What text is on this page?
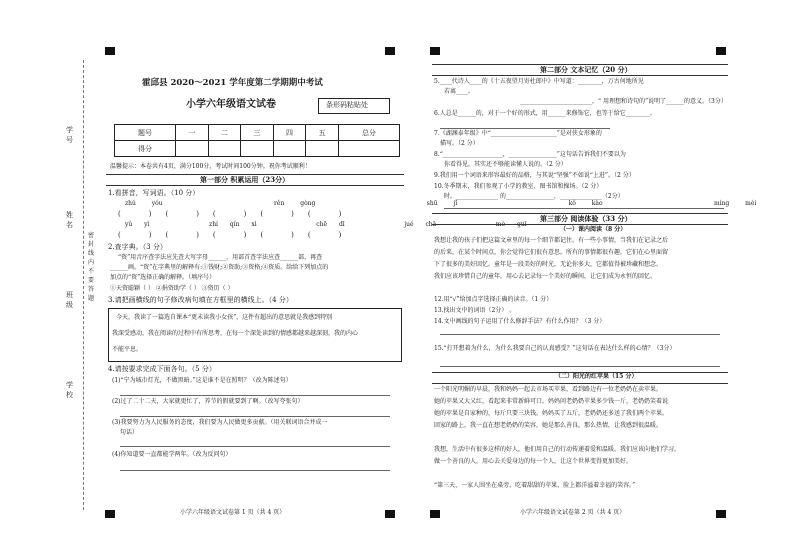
学号
姓名
班级
学校
密封线内不要答题
霍邱县 2020～2021 学年度第二学期期中考试
小学六年级语文试卷	条形码粘贴处
题号	一	二	三	四	五	总分
得分						
温馨提示：本卷共有4页，满分100分，考试时间100分钟。祝你考试顺利！
第一部分 积累运用（23分）
1.看拼音，写词语。（10 分）
zhǔ yóu	rěn gòng	shū jǐ	kǒ kào	míng méi
(　　　　)　　(　　　　)　　(　　　　)　　(　　　　)　　(　　　　)
yǔ yì	zhí qín xì	chē dī	jué chā	mò guī
(　　　　)　　(　　　　)　　(　　　　)　　(　　　　)　　(　　　　)
2.查字典。（3 分）
“资”用音序查字法应先查大写字母______，用部首查字法应查______部，再查
______画。“资”在字典里的解释有:①钱财;②资助;③资格;④资质。给给下列加点的
加点的“资”选择正确的解释。（填序号）
①天资聪颖（ ） ②捐资助学（ ） ③资历（ ）
3.请把画横线的句子修改病句填在方框里的横线上。（4 分）
今天，我读了一篇选自课本“更未读我小女孩”，这件有超出的意思就是我感到特别
我深受感动，我在阅读的过程中有所思考，在每一个深处读到的情感都越来越深刻，我的内心
不能平息。
4.请按要求完成下面各句。（5 分）
(1)“宁为城市灯光，不做黑暗。”这是谁不是在照明？（改为陈述句）
(2)过了二十二天，大家就更忙了，养节的假就要到了啊。（改写夸张句）
(3)我要努力为人民服务的态度，我们要为人民做更多贡献。（用关联词语合并成一
句话）
(4)你知道要一直都能学两年。（改为反问句）
小学六年级语文试卷第 1 页（共 4 页）
第二部分 文本记忆（20 分）
5.____代诗人____的《十五夜望月寄杜郎中》中写道：________，万古何地所见
若离____。
________________________，“ 用理想和诗句的”说明了______的意义。（3分）
6.人总是______的，对于一个好的形式，用______来修饰它，也等于给它________。
7.《湖渊泰年级》中“______________________”是对侠女形象的
描写。（2 分）
8.“____________________，________________”这句话告诉我们不要以为
你看得见，其实还不够能读懂人说的。（2 分）
9.我们用一个词语来形容最好的品格，与其说“坚强”不如说“上进”。（2 分）
10.冬季期末，我们参观了小学的教室、图书馆和操场。（2 分）
时，______________ 的________________，______________（2分）
第三部分 阅读体验（33 分）
（一）课内阅读（8 分）
我想让我的孩子们把这篇文章里的每一个细节都记住。有一些小事情，当我们在记录之后
的后来，在某个时间点，你会觉得它们很有意思。所有的事情都很有趣，它们在心里面留
下了很多的美好回忆。童年是一段美好的时光，无论你多大，它都值得被珍藏和想念。
我们应该珍惜自己的童年，用心去记录每一个美好的瞬间，让它们成为永恒的回忆。
12.用“√”给加点字选择正确的读音。（1 分）
13.找出文中的词语（2分） 。
14.文中画线的句子运用了什么修辞手法？有什么作用？（3 分）
15.“打开想着为什么，为什么我要自己的认真感受？”这句话在表达什么样的心情？（3分）
（二）阳光的红苹果（15 分）
一个阳光明媚的早晨，我和妈妈一起去市场买苹果，看到路边有一位老奶奶在卖苹果。
她的苹果又大又红，看起来非常新鲜可口。妈妈问老奶奶苹果多少钱一斤，老奶奶笑着说
她的苹果是自家种的，每斤只要三块钱。妈妈买了五斤，老奶奶还多送了我们两个苹果。
回家的路上，我一直在想老奶奶的笑容，她是那么善良，那么热情，让我感到很温暖。
我想，生活中有很多这样的好人，他们用自己的行动传递着爱和温暖。我们应该向他们学习。
做一个善良的人，用心去关爱身边的每一个人，让这个世界变得更加美好。
“第三天，一家人围坐在桌旁，吃着甜甜的苹果，脸上都洋溢着幸福的笑容。”
小学六年级语文试卷第 2 页（共 4 页）
